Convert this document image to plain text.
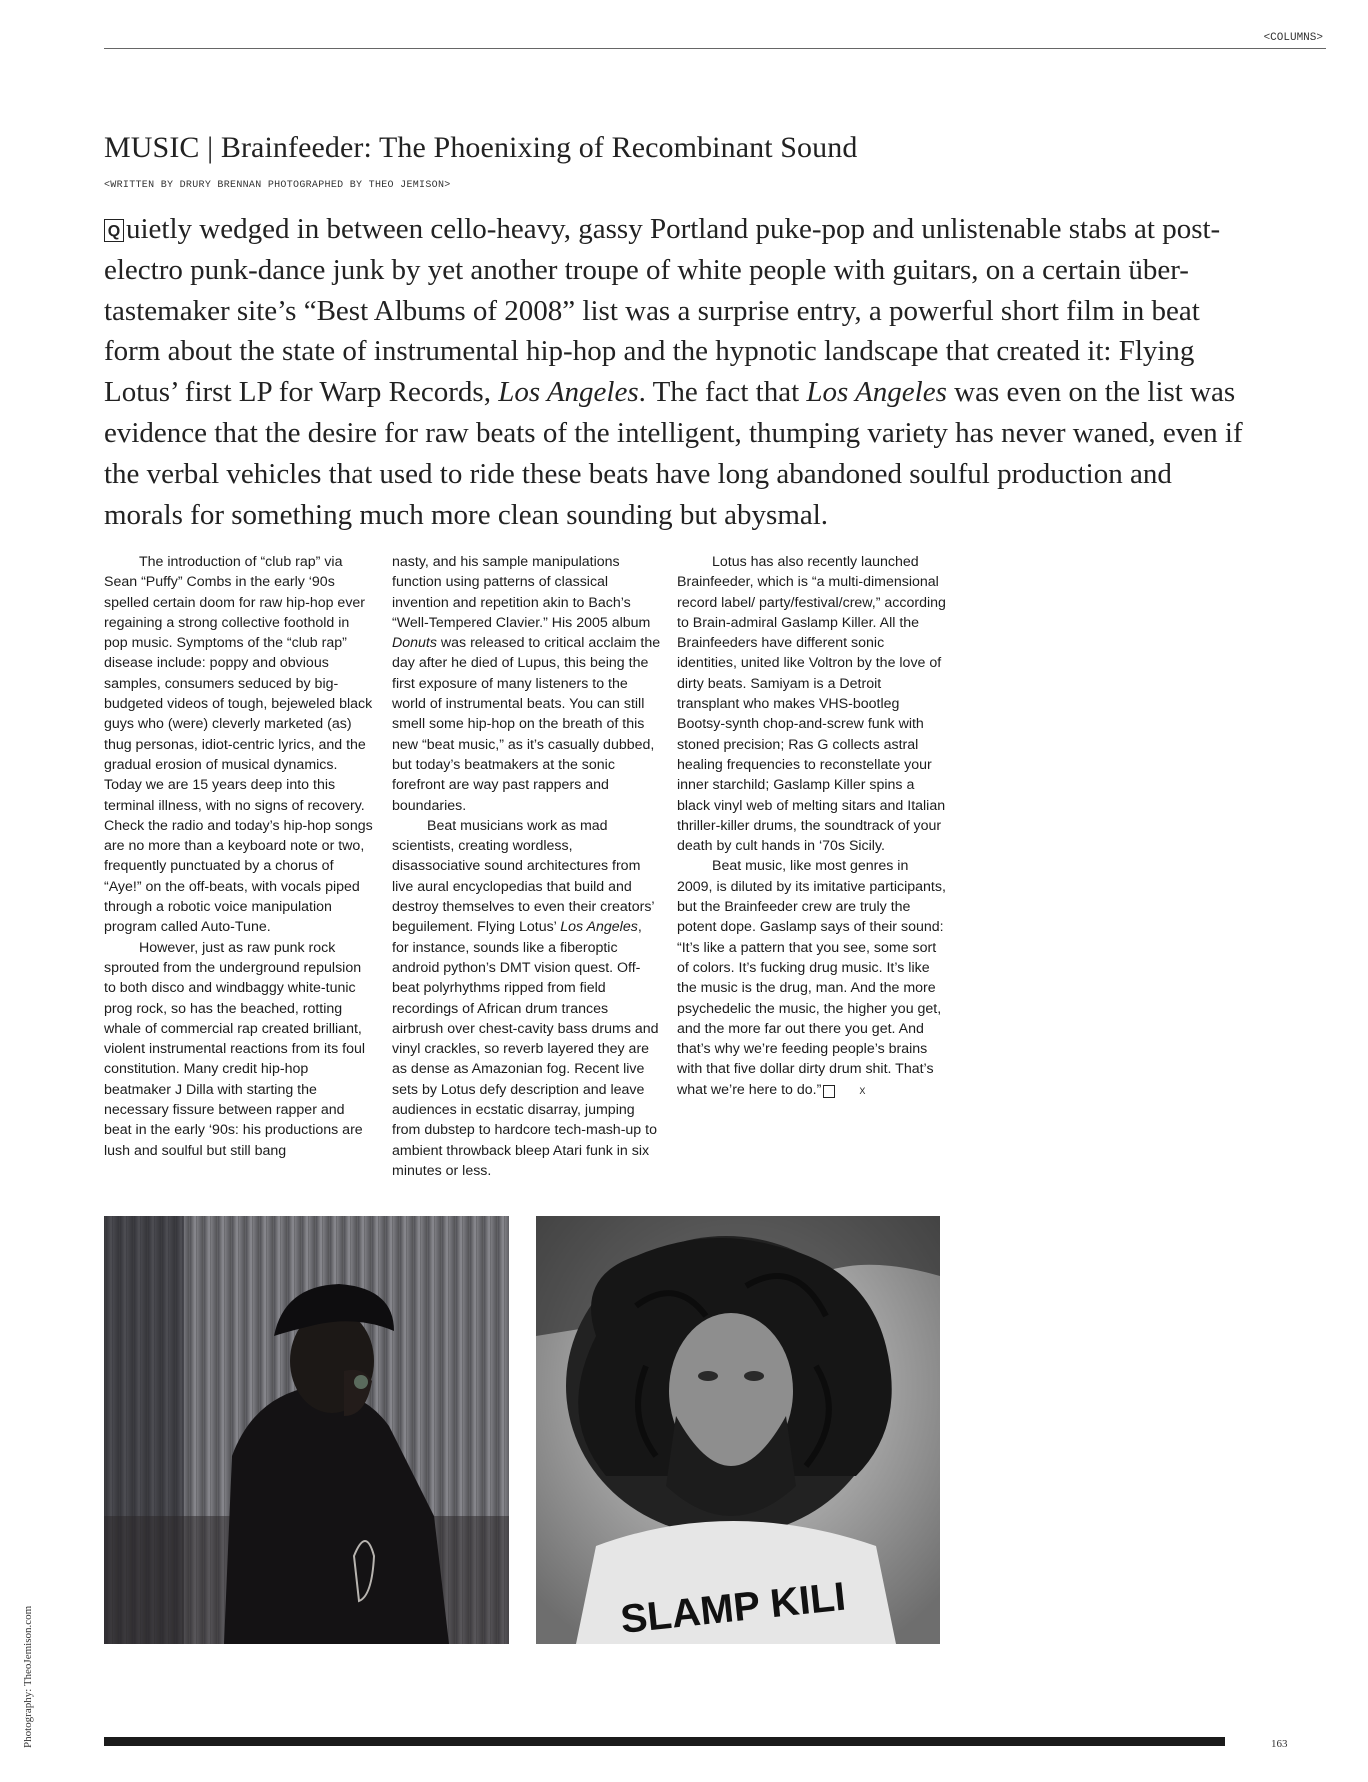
<COLUMNS>
MUSIC | Brainfeeder: The Phoenixing of Recombinant Sound
<WRITTEN BY DRURY BRENNAN PHOTOGRAPHED BY THEO JEMISON>

Q uietly wedged in between cello-heavy, gassy Portland puke-pop and unlistenable stabs at post-electro punk-dance junk by yet another troupe of white people with guitars, on a certain über-tastemaker site’s “Best Albums of 2008” list was a surprise entry, a powerful short film in beat form about the state of instrumental hip-hop and the hypnotic landscape that created it: Flying Lotus’ first LP for Warp Records, Los Angeles. The fact that Los Angeles was even on the list was evidence that the desire for raw beats of the intelligent, thumping variety has never waned, even if the verbal vehicles that used to ride these beats have long abandoned soulful production and morals for something much more clean sounding but abysmal.

The introduction of “club rap” via Sean “Puffy” Combs in the early ‘90s spelled certain doom for raw hip-hop ever regaining a strong collective foothold in pop music. Symptoms of the “club rap” disease include: poppy and obvious samples, consumers seduced by big-budgeted videos of tough, bejeweled black guys who (were) cleverly marketed (as) thug personas, idiot-centric lyrics, and the gradual erosion of musical dynamics. Today we are 15 years deep into this terminal illness, with no signs of recovery. Check the radio and today’s hip-hop songs are no more than a keyboard note or two, frequently punctuated by a chorus of “Aye!” on the off-beats, with vocals piped through a robotic voice manipulation program called Auto-Tune.

However, just as raw punk rock sprouted from the underground repulsion to both disco and windbaggy white-tunic prog rock, so has the beached, rotting whale of commercial rap created brilliant, violent instrumental reactions from its foul constitution. Many credit hip-hop beatmaker J Dilla with starting the necessary fissure between rapper and beat in the early ‘90s: his productions are lush and soulful but still bang

nasty, and his sample manipulations function using patterns of classical invention and repetition akin to Bach’s “Well-Tempered Clavier.” His 2005 album Donuts was released to critical acclaim the day after he died of Lupus, this being the first exposure of many listeners to the world of instrumental beats. You can still smell some hip-hop on the breath of this new “beat music,” as it’s casually dubbed, but today’s beatmakers at the sonic forefront are way past rappers and boundaries.

Beat musicians work as mad scientists, creating wordless, disassociative sound architectures from live aural encyclopedias that build and destroy themselves to even their creators’ beguilement. Flying Lotus’ Los Angeles, for instance, sounds like a fiberoptic android python’s DMT vision quest. Off-beat polyrhythms ripped from field recordings of African drum trances airbrush over chest-cavity bass drums and vinyl crackles, so reverb layered they are as dense as Amazonian fog. Recent live sets by Lotus defy description and leave audiences in ecstatic disarray, jumping from dubstep to hardcore tech-mash-up to ambient throwback bleep Atari funk in six minutes or less.

Lotus has also recently launched Brainfeeder, which is “a multi-dimensional record label/ party/festival/crew,” according to Brain-admiral Gaslamp Killer. All the Brainfeeders have different sonic identities, united like Voltron by the love of dirty beats. Samiyam is a Detroit transplant who makes VHS-bootleg Bootsy-synth chop-and-screw funk with stoned precision; Ras G collects astral healing frequencies to reconstellate your inner starchild; Gaslamp Killer spins a black vinyl web of melting sitars and Italian thriller-killer drums, the soundtrack of your death by cult hands in ‘70s Sicily.

Beat music, like most genres in 2009, is diluted by its imitative participants, but the Brainfeeder crew are truly the potent dope. Gaslamp says of their sound: “It’s like a pattern that you see, some sort of colors. It’s fucking drug music. It’s like the music is the drug, man. And the more psychedelic the music, the higher you get, and the more far out there you get. And that’s why we’re feeding people’s brains with that five dollar dirty drum shit. That’s what we’re here to do.”	X

SLAMP KILI
Photography: TheoJemison.com	163
